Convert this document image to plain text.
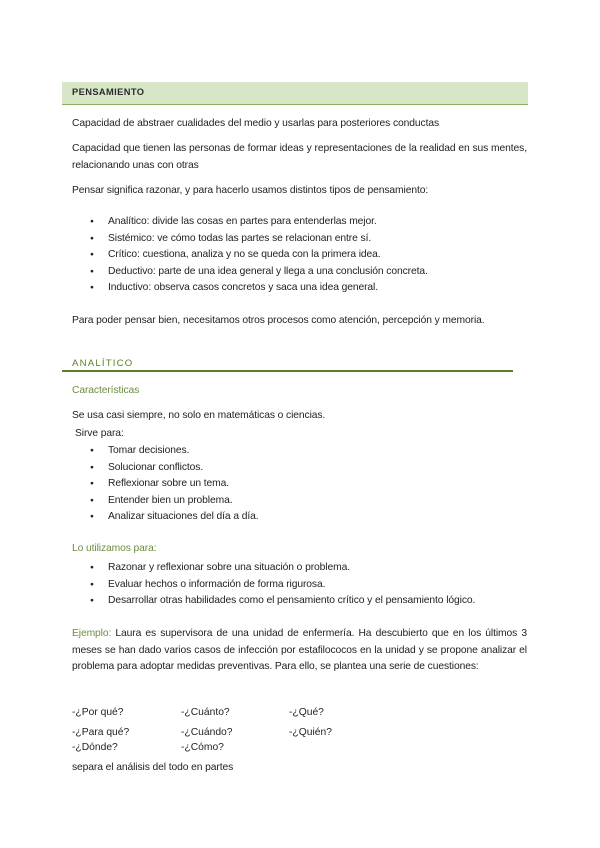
PENSAMIENTO
Capacidad de abstraer cualidades del medio y usarlas para posteriores conductas
Capacidad que tienen las personas de formar ideas y representaciones de la realidad en sus mentes, relacionando unas con otras
Pensar significa razonar, y para hacerlo usamos distintos tipos de pensamiento:
● Analítico: divide las cosas en partes para entenderlas mejor.
● Sistémico: ve cómo todas las partes se relacionan entre sí.
● Crítico: cuestiona, analiza y no se queda con la primera idea.
● Deductivo: parte de una idea general y llega a una conclusión concreta.
● Inductivo: observa casos concretos y saca una idea general.
Para poder pensar bien, necesitamos otros procesos como atención, percepción y memoria.
ANALÍTICO
Características
Se usa casi siempre, no solo en matemáticas o ciencias.
Sirve para:
● Tomar decisiones.
● Solucionar conflictos.
● Reflexionar sobre un tema.
● Entender bien un problema.
● Analizar situaciones del día a día.
Lo utilizamos para:
● Razonar y reflexionar sobre una situación o problema.
● Evaluar hechos o información de forma rigurosa.
● Desarrollar otras habilidades como el pensamiento crítico y el pensamiento lógico.
Ejemplo: Laura es supervisora de una unidad de enfermería. Ha descubierto que en los últimos 3 meses se han dado varios casos de infección por estafilococos en la unidad y se propone analizar el problema para adoptar medidas preventivas. Para ello, se plantea una serie de cuestiones:
-¿Por qué?	-¿Cuánto?	-¿Qué?
-¿Para qué?	-¿Cuándo?	-¿Quién?
-¿Dónde?	-¿Cómo?
separa el análisis del todo en partes
